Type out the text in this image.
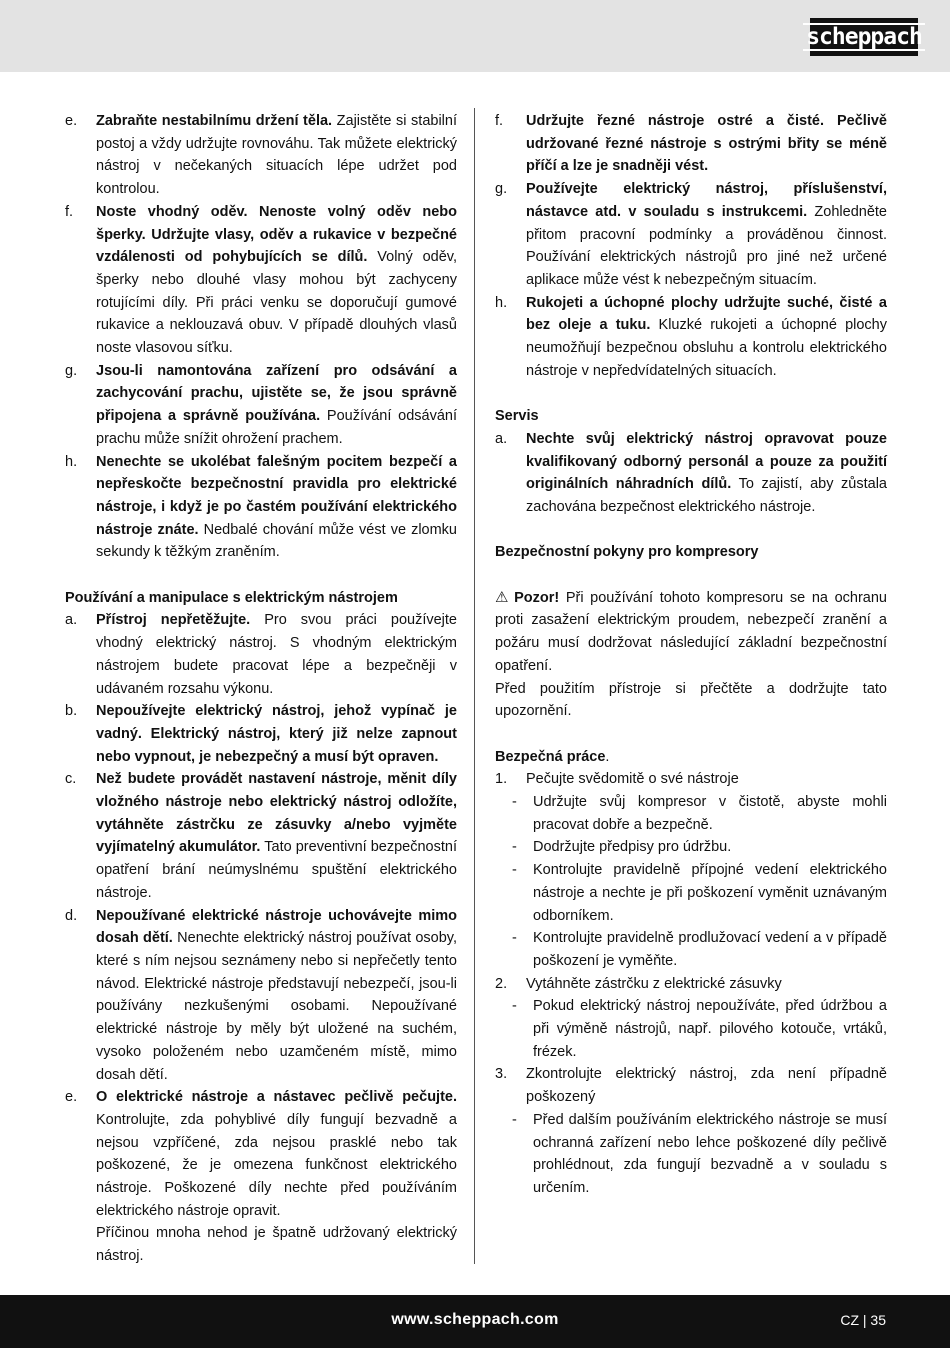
scheppach
e.	Zabraňte nestabilnímu držení těla. Zajistěte si stabilní postoj a vždy udržujte rovnováhu. Tak můžete elektrický nástroj v nečekaných situacích lépe udržet pod kontrolou.
f.	Noste vhodný oděv. Nenoste volný oděv nebo šperky. Udržujte vlasy, oděv a rukavice v bezpečné vzdálenosti od pohybujících se dílů. Volný oděv, šperky nebo dlouhé vlasy mohou být zachyceny rotujícími díly. Při práci venku se doporučují gumové rukavice a neklouzavá obuv. V případě dlouhých vlasů noste vlasovou síťku.
g.	Jsou-li namontována zařízení pro odsávání a zachycování prachu, ujistěte se, že jsou správně připojena a správně používána. Používání odsávání prachu může snížit ohrožení prachem.
h.	Nenechte se ukolébat falešným pocitem bezpečí a nepřeskočte bezpečnostní pravidla pro elektrické nástroje, i když je po častém používání elektrického nástroje znáte. Nedbalé chování může vést ve zlomku sekundy k těžkým zraněním.
Používání a manipulace s elektrickým nástrojem
a.	Přístroj nepřetěžujte. Pro svou práci používejte vhodný elektrický nástroj. S vhodným elektrickým nástrojem budete pracovat lépe a bezpečněji v udávaném rozsahu výkonu.
b.	Nepoužívejte elektrický nástroj, jehož vypínač je vadný. Elektrický nástroj, který již nelze zapnout nebo vypnout, je nebezpečný a musí být opraven.
c.	Než budete provádět nastavení nástroje, měnit díly vložného nástroje nebo elektrický nástroj odložíte, vytáhněte zástrčku ze zásuvky a/nebo vyjměte vyjímatelný akumulátor. Tato preventivní bezpečnostní opatření brání neúmyslnému spuštění elektrického nástroje.
d.	Nepoužívané elektrické nástroje uchovávejte mimo dosah dětí. Nenechte elektrický nástroj používat osoby, které s ním nejsou seznámeny nebo si nepřečetly tento návod. Elektrické nástroje představují nebezpečí, jsou-li používány nezkušenými osobami. Nepoužívané elektrické nástroje by měly být uložené na suchém, vysoko položeném nebo uzamčeném místě, mimo dosah dětí.
e.	O elektrické nástroje a nástavec pečlivě pečujte. Kontrolujte, zda pohyblivé díly fungují bezvadně a nejsou vzpříčené, zda nejsou prasklé nebo tak poškozené, že je omezena funkčnost elektrického nástroje. Poškozené díly nechte před používáním elektrického nástroje opravit.
Příčinou mnoha nehod je špatně udržovaný elektrický nástroj.
f.	Udržujte řezné nástroje ostré a čisté. Pečlivě udržované řezné nástroje s ostrými břity se méně příčí a lze je snadněji vést.
g.	Používejte elektrický nástroj, příslušenství, nástavce atd. v souladu s instrukcemi. Zohledněte přitom pracovní podmínky a prováděnou činnost. Používání elektrických nástrojů pro jiné než určené aplikace může vést k nebezpečným situacím.
h.	Rukojeti a úchopné plochy udržujte suché, čisté a bez oleje a tuku. Kluzké rukojeti a úchopné plochy neumožňují bezpečnou obsluhu a kontrolu elektrického nástroje v nepředvídatelných situacích.
Servis
a.	Nechte svůj elektrický nástroj opravovat pouze kvalifikovaný odborný personál a pouze za použití originálních náhradních dílů. To zajistí, aby zůstala zachována bezpečnost elektrického nástroje.
Bezpečnostní pokyny pro kompresory

⚠ Pozor! Při používání tohoto kompresoru se na ochranu proti zasažení elektrickým proudem, nebezpečí zranění a požáru musí dodržovat následující základní bezpečnostní opatření.

Před použitím přístroje si přečtěte a dodržujte tato upozornění.

Bezpečná práce.
1.	Pečujte svědomitě o své nástroje
-	Udržujte svůj kompresor v čistotě, abyste mohli pracovat dobře a bezpečně.
-	Dodržujte předpisy pro údržbu.
-	Kontrolujte pravidelně přípojné vedení elektrického nástroje a nechte je při poškození vyměnit uznávaným odborníkem.
-	Kontrolujte pravidelně prodlužovací vedení a v případě poškození je vyměňte.
2.	Vytáhněte zástrčku z elektrické zásuvky
-	Pokud elektrický nástroj nepoužíváte, před údržbou a při výměně nástrojů, např. pilového kotouče, vrtáků, frézek.
3.	Zkontrolujte elektrický nástroj, zda není případně poškozený
-	Před dalším používáním elektrického nástroje se musí ochranná zařízení nebo lehce poškozené díly pečlivě prohlédnout, zda fungují bezvadně a v souladu s určením.
www.scheppach.com	CZ | 35
